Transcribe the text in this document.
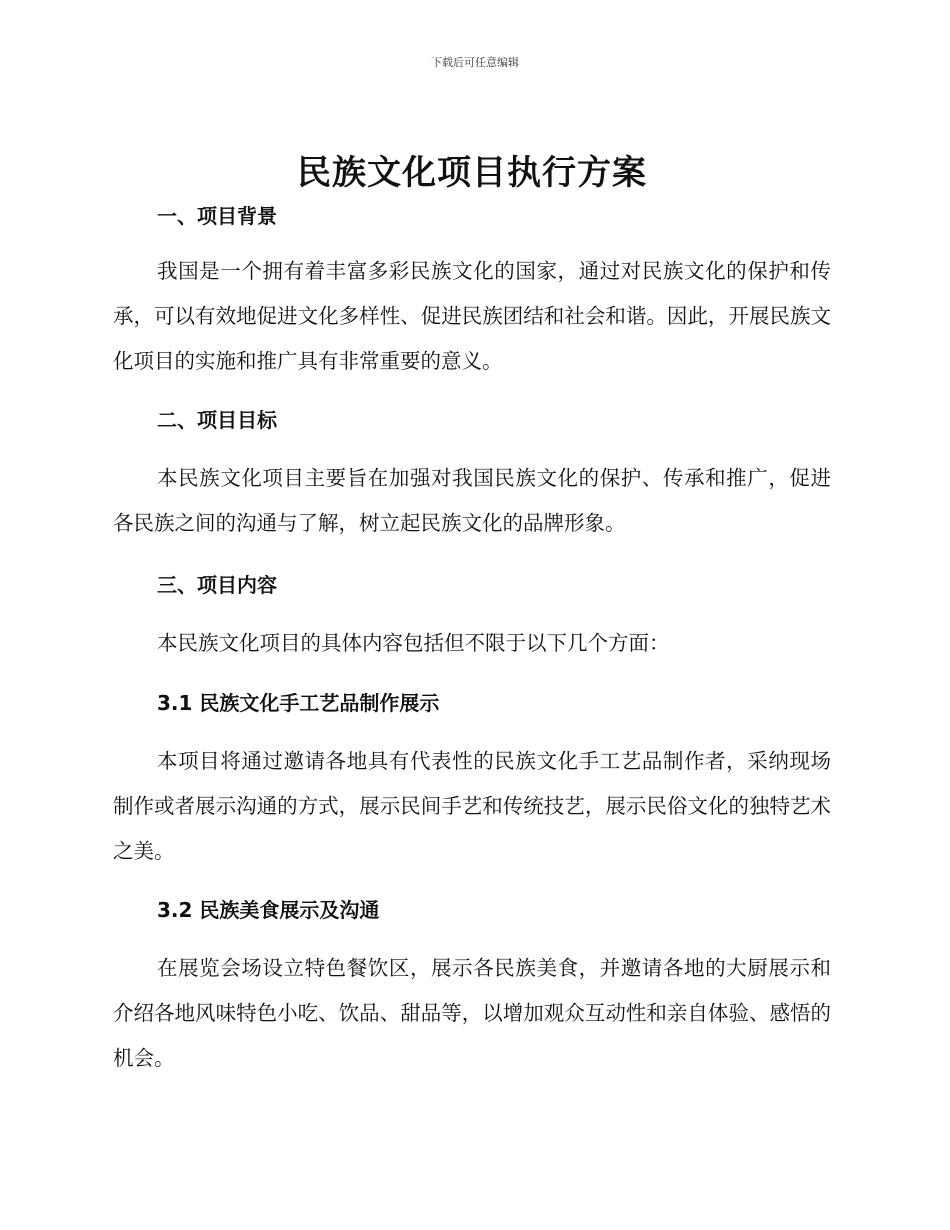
下载后可任意编辑
民族文化项目执行方案
一、项目背景

我国是一个拥有着丰富多彩民族文化的国家，通过对民族文化的保护和传承，可以有效地促进文化多样性、促进民族团结和社会和谐。因此，开展民族文化项目的实施和推广具有非常重要的意义。

二、项目目标

本民族文化项目主要旨在加强对我国民族文化的保护、传承和推广，促进各民族之间的沟通与了解，树立起民族文化的品牌形象。

三、项目内容

本民族文化项目的具体内容包括但不限于以下几个方面：

3.1 民族文化手工艺品制作展示

本项目将通过邀请各地具有代表性的民族文化手工艺品制作者，采纳现场制作或者展示沟通的方式，展示民间手艺和传统技艺，展示民俗文化的独特艺术之美。

3.2 民族美食展示及沟通

在展览会场设立特色餐饮区，展示各民族美食，并邀请各地的大厨展示和介绍各地风味特色小吃、饮品、甜品等，以增加观众互动性和亲自体验、感悟的机会。
